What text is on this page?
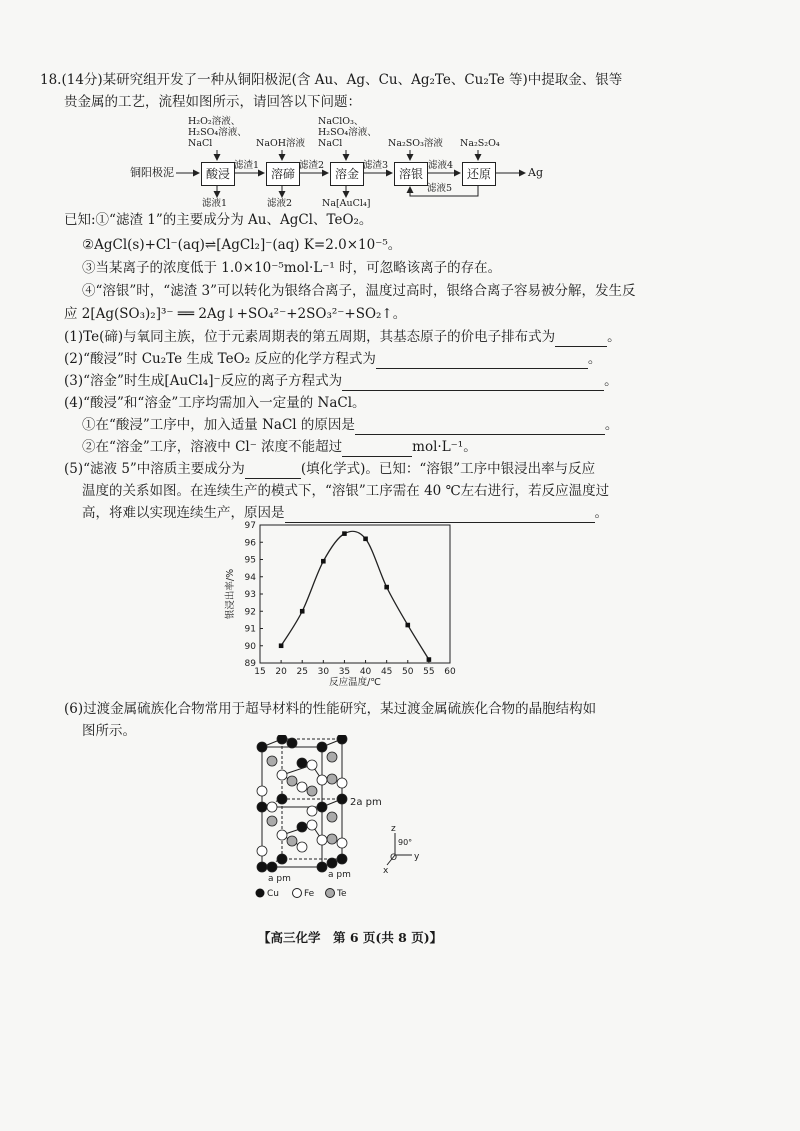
18.(14分)某研究组开发了一种从铜阳极泥(含 Au、Ag、Cu、Ag₂Te、Cu₂Te 等)中提取金、银等
贵金属的工艺，流程如图所示，请回答以下问题：
H₂O₂溶液、
H₂SO₄溶液、
NaCl	NaOH溶液
NaClO₃、
H₂SO₄溶液、
NaCl	Na₂SO₃溶液 Na₂S₂O₄
铜阳极泥	酸浸	溶碲	溶金	溶银	还原
滤渣1	滤渣2	滤渣3	滤液4
滤液1	滤液2	Na[AuCl₄]
滤液5
Ag
已知:①“滤渣 1”的主要成分为 Au、AgCl、TeO₂。
②AgCl(s)+Cl⁻(aq)⇌[AgCl₂]⁻(aq) K=2.0×10⁻⁵。
③当某离子的浓度低于 1.0×10⁻⁵mol·L⁻¹ 时，可忽略该离子的存在。
④“溶银”时，“滤渣 3”可以转化为银络合离子，温度过高时，银络合离子容易被分解，发生反
应 2[Ag(SO₃)₂]³⁻ ══ 2Ag↓+SO₄²⁻+2SO₃²⁻+SO₂↑。
(1)Te(碲)与氧同主族，位于元素周期表的第五周期，其基态原子的价电子排布式为	。
(2)“酸浸”时 Cu₂Te 生成 TeO₂ 反应的化学方程式为	。
(3)“溶金”时生成[AuCl₄]⁻反应的离子方程式为	。
(4)“酸浸”和“溶金”工序均需加入一定量的 NaCl。
①在“酸浸”工序中，加入适量 NaCl 的原因是	。
②在“溶金”工序，溶液中 Cl⁻ 浓度不能超过	mol·L⁻¹。
(5)“滤液 5”中溶质主要成分为	(填化学式)。已知：“溶银”工序中银浸出率与反应
温度的关系如图。在连续生产的模式下，“溶银”工序需在 40 ℃左右进行，若反应温度过
高，将难以实现连续生产，原因是	。
15 20 25 30 35 40 45 50 55 60
89
90
91
92
93
94
95
96
97
反应温度/℃
银浸出率/%
(6)过渡金属硫族化合物常用于超导材料的性能研究，某过渡金属硫族化合物的晶胞结构如
图所示。
2a pm
a pm	a pm
z
O y
x
90°
Cu	Fe	Te
【高三化学　第 6 页(共 8 页)】
